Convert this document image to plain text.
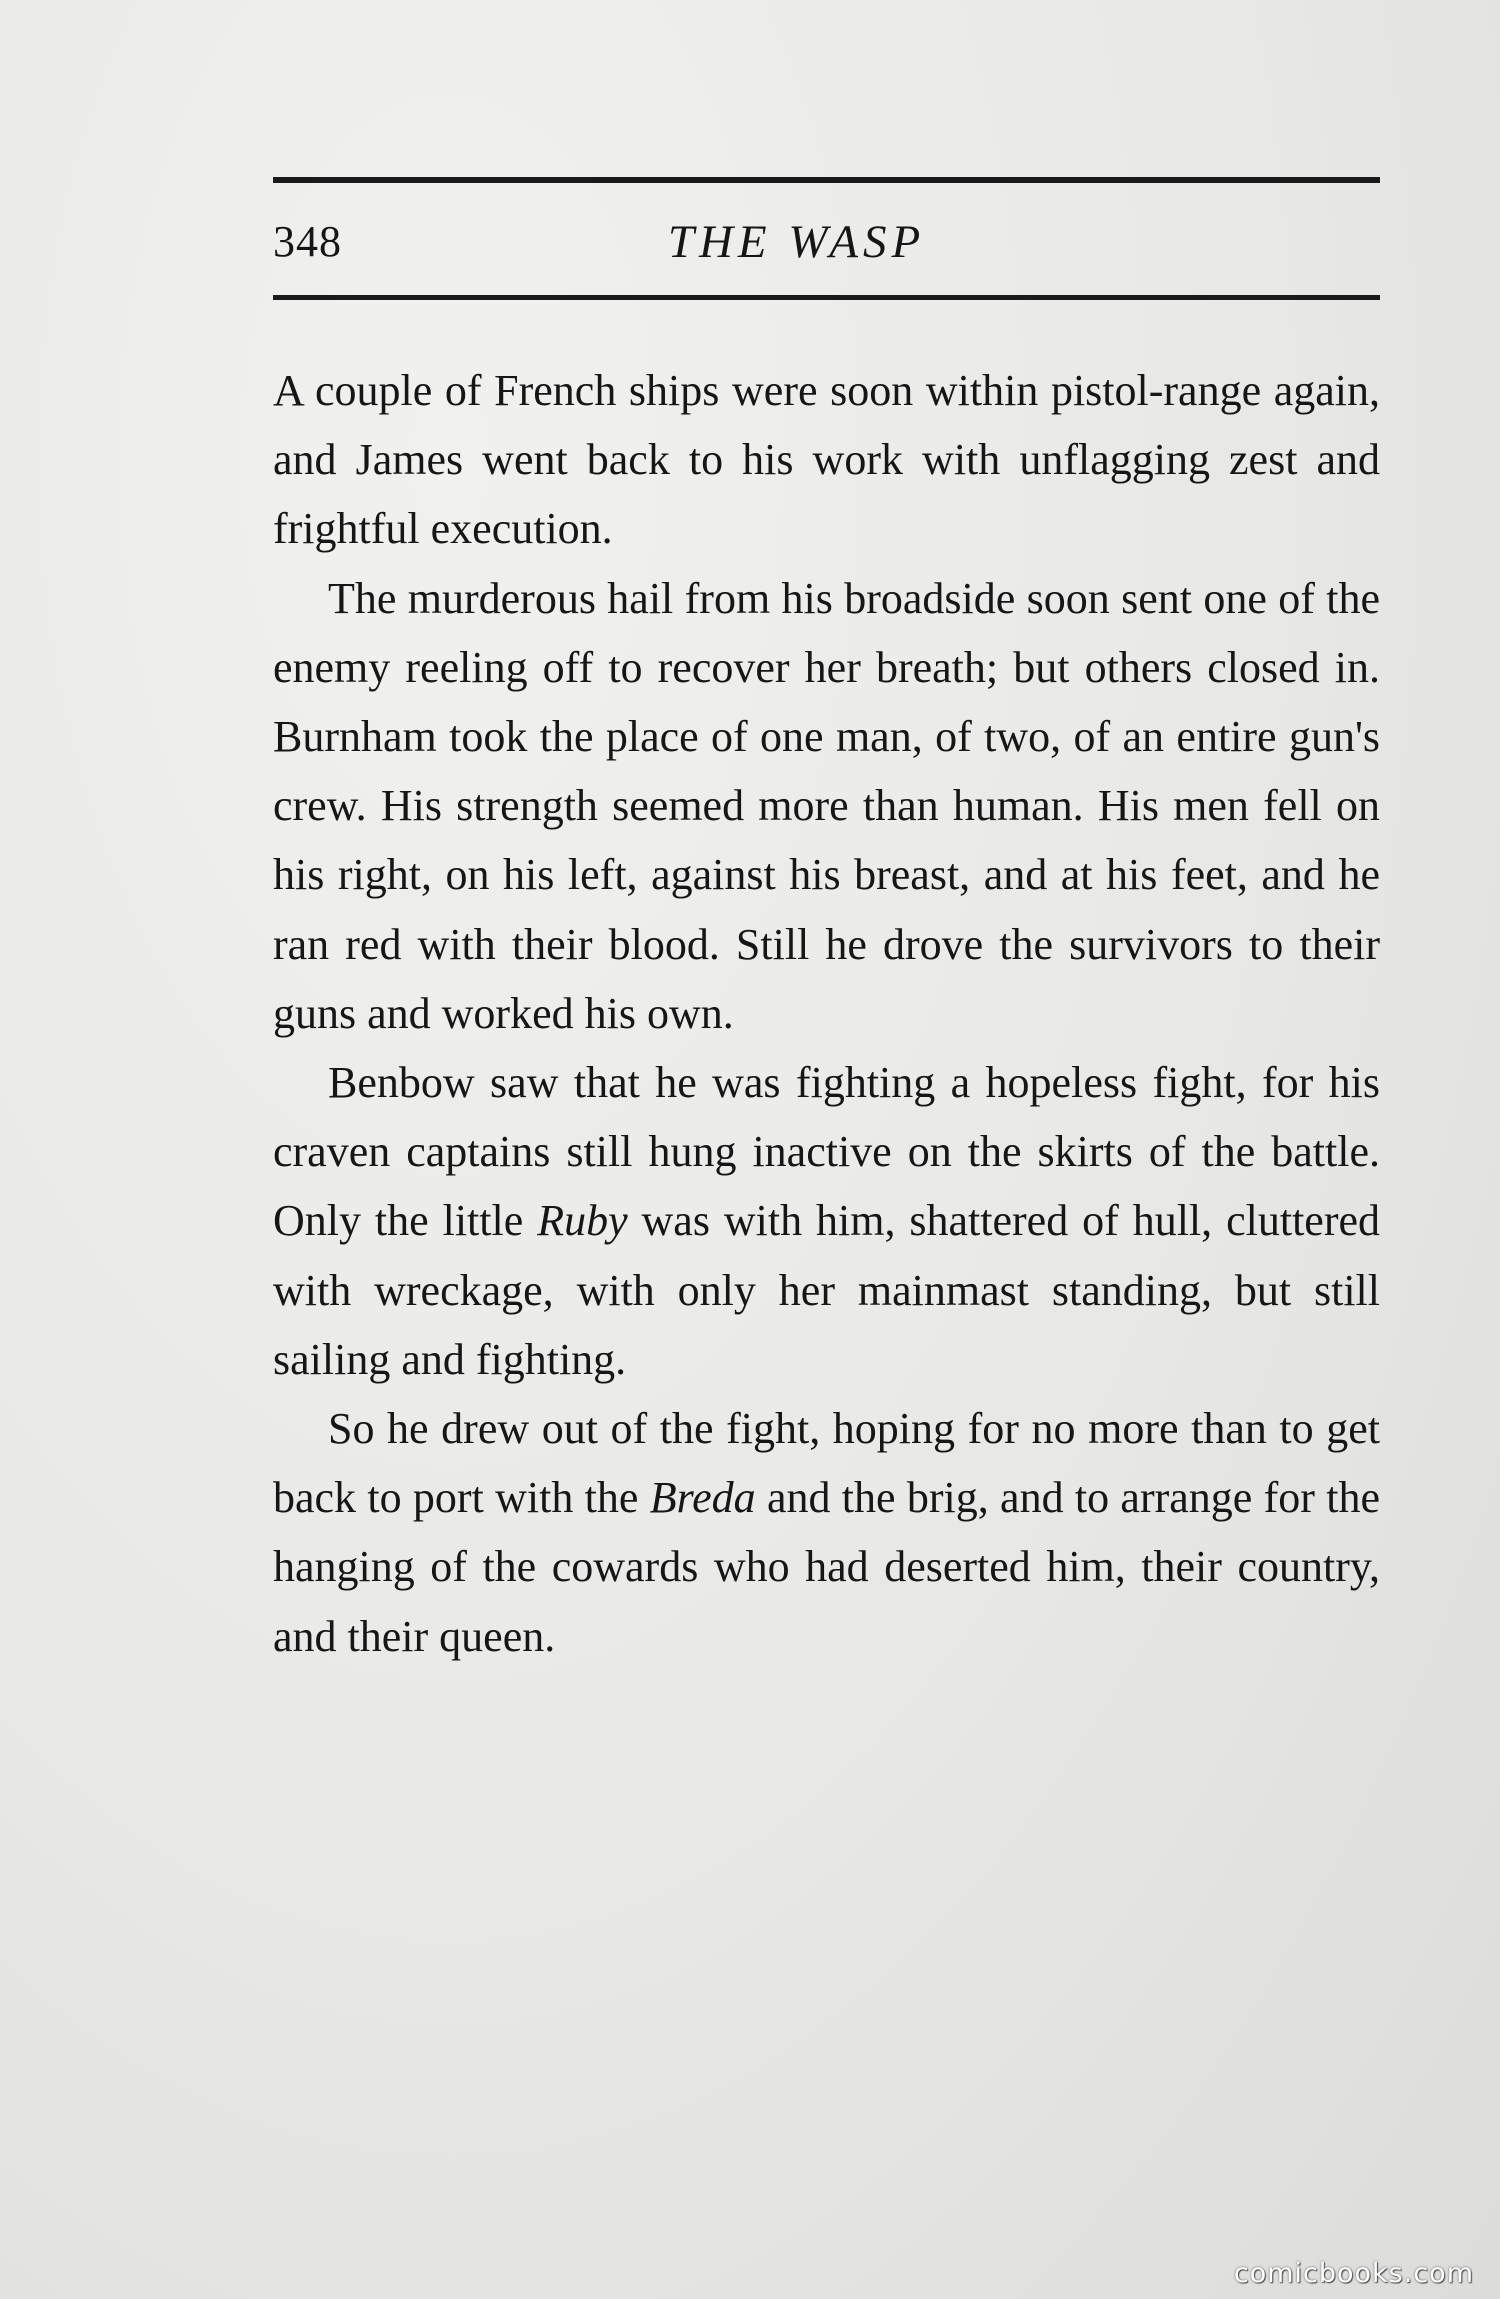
348	THE WASP

A couple of French ships were soon within pistol-range again, and James went back to his work with unflagging zest and frightful execution.

The murderous hail from his broadside soon sent one of the enemy reeling off to recover her breath; but others closed in. Burnham took the place of one man, of two, of an entire gun's crew. His strength seemed more than human. His men fell on his right, on his left, against his breast, and at his feet, and he ran red with their blood. Still he drove the survivors to their guns and worked his own.

Benbow saw that he was fighting a hopeless fight, for his craven captains still hung inactive on the skirts of the battle. Only the little Ruby was with him, shattered of hull, cluttered with wreckage, with only her mainmast standing, but still sailing and fighting.

So he drew out of the fight, hoping for no more than to get back to port with the Breda and the brig, and to arrange for the hanging of the cowards who had deserted him, their country, and their queen.

comicbooks.com
